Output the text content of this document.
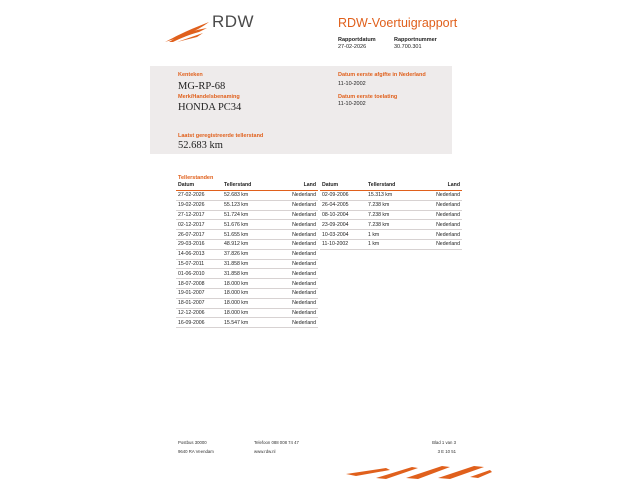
RDW	RDW-Voertuigrapport
Rapportdatum
27-02-2026
Rapportnummer
30.700.301
Kenteken
MG-RP-68
Merk/Handelsbenaming
HONDA PC34
Datum eerste afgifte in Nederland
11-10-2002
Datum eerste toelating
11-10-2002
Laatst geregistreerde tellerstand
52.683 km
Tellerstanden
Datum	Tellerstand	Land
27-02-2026	52.683 km	Nederland
19-02-2026	55.123 km	Nederland
27-12-2017	51.724 km	Nederland
02-12-2017	51.676 km	Nederland
26-07-2017	51.655 km	Nederland
29-03-2016	48.912 km	Nederland
14-06-2013	37.826 km	Nederland
15-07-2011	31.858 km	Nederland
01-06-2010	31.858 km	Nederland
18-07-2008	18.000 km	Nederland
19-01-2007	18.000 km	Nederland
18-01-2007	18.000 km	Nederland
12-12-2006	18.000 km	Nederland
16-09-2006	15.547 km	Nederland
Datum	Tellerstand	Land
02-09-2006	15.313 km	Nederland
26-04-2005	7.238 km	Nederland
08-10-2004	7.238 km	Nederland
23-09-2004	7.238 km	Nederland
10-03-2004	1 km	Nederland
11-10-2002	1 km	Nederland
Postbus 30000
9640 RA Veendam
Telefoon 088 008 74 47
www.rdw.nl
Blad 1 van 3
3 E 10 51
